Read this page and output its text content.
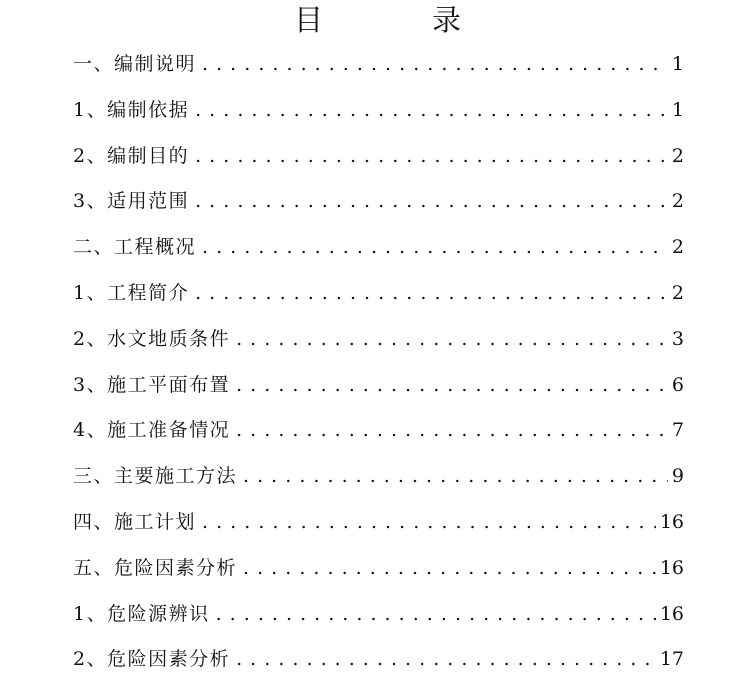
目　录
一、编制说明 . . .	1
1、编制依据 . . .	1
2、编制目的 . . .	2
3、适用范围 . . .	2
二、工程概况 . . .	2
1、工程简介 . . .	2
2、水文地质条件 . . .	3
3、施工平面布置 . . .	6
4、施工准备情况 . . .	7
三、主要施工方法 . . .	9
四、施工计划 . . .	16
五、危险因素分析 . . .	16
1、危险源辨识 . . .	16
2、危险因素分析 . . .	17
